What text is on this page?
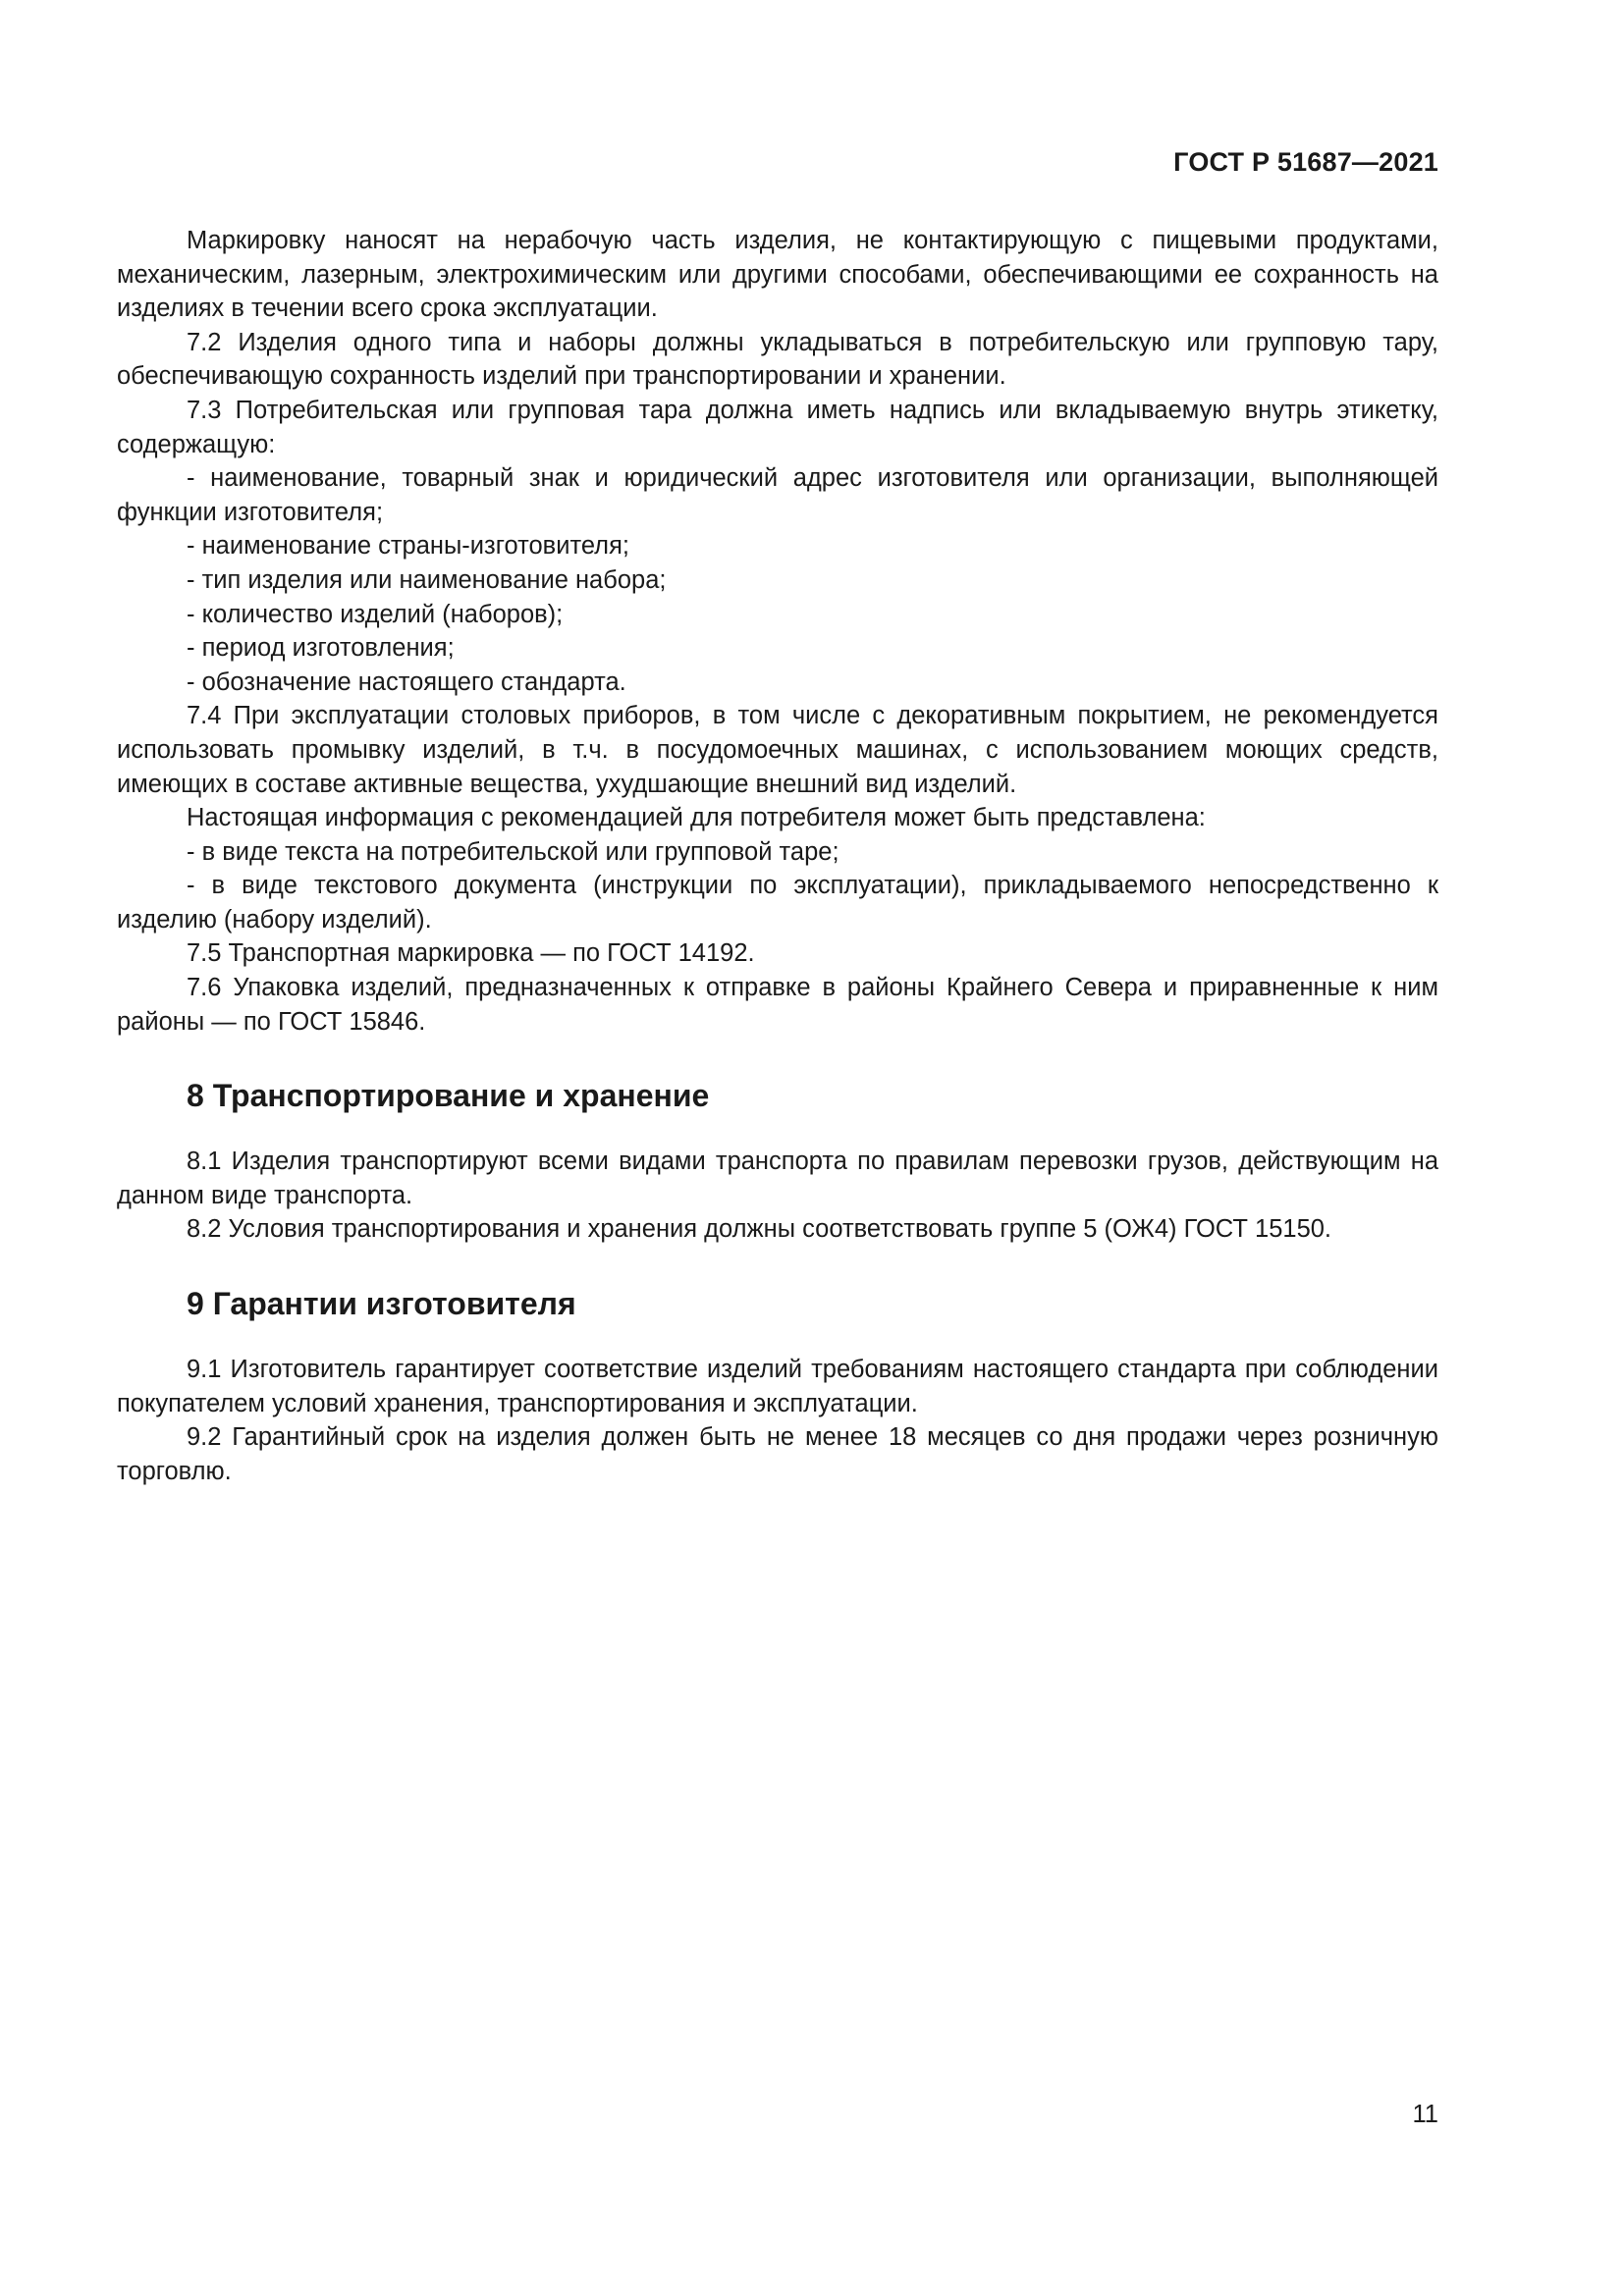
ГОСТ Р 51687—2021

Маркировку наносят на нерабочую часть изделия, не контактирующую с пищевыми продуктами, механическим, лазерным, электрохимическим или другими способами, обеспечивающими ее сохранность на изделиях в течении всего срока эксплуатации.

7.2 Изделия одного типа и наборы должны укладываться в потребительскую или групповую тару, обеспечивающую сохранность изделий при транспортировании и хранении.

7.3 Потребительская или групповая тара должна иметь надпись или вкладываемую внутрь этикетку, содержащую:

- наименование, товарный знак и юридический адрес изготовителя или организации, выполняющей функции изготовителя;

- наименование страны-изготовителя;

- тип изделия или наименование набора;

- количество изделий (наборов);

- период изготовления;

- обозначение настоящего стандарта.

7.4 При эксплуатации столовых приборов, в том числе с декоративным покрытием, не рекомендуется использовать промывку изделий, в т.ч. в посудомоечных машинах, с использованием моющих средств, имеющих в составе активные вещества, ухудшающие внешний вид изделий.

Настоящая информация с рекомендацией для потребителя может быть представлена:

- в виде текста на потребительской или групповой таре;

- в виде текстового документа (инструкции по эксплуатации), прикладываемого непосредственно к изделию (набору изделий).

7.5 Транспортная маркировка — по ГОСТ 14192.

7.6 Упаковка изделий, предназначенных к отправке в районы Крайнего Севера и приравненные к ним районы — по ГОСТ 15846.

8 Транспортирование и хранение

8.1 Изделия транспортируют всеми видами транспорта по правилам перевозки грузов, действующим на данном виде транспорта.

8.2 Условия транспортирования и хранения должны соответствовать группе 5 (ОЖ4) ГОСТ 15150.

9 Гарантии изготовителя

9.1 Изготовитель гарантирует соответствие изделий требованиям настоящего стандарта при соблюдении покупателем условий хранения, транспортирования и эксплуатации.

9.2 Гарантийный срок на изделия должен быть не менее 18 месяцев со дня продажи через розничную торговлю.

11
